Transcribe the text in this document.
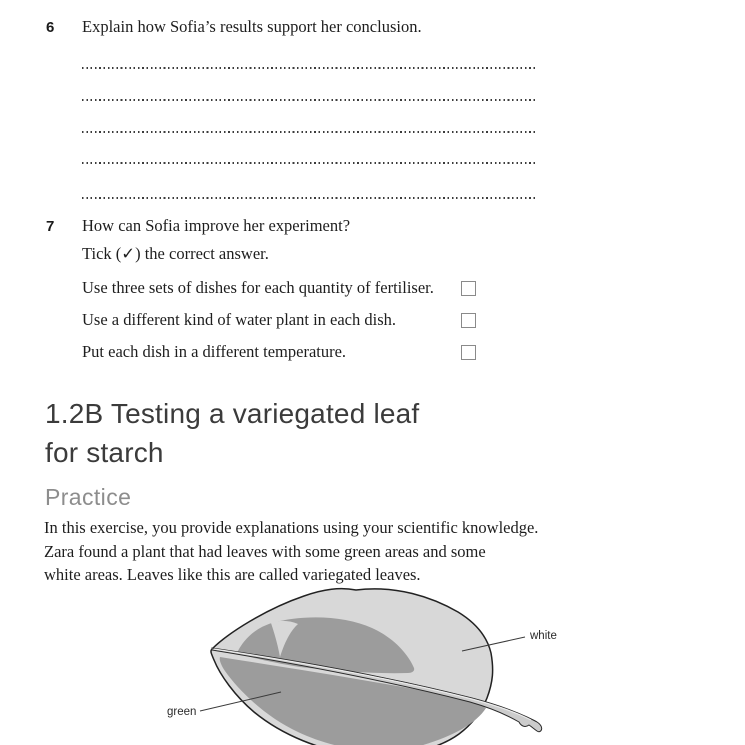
6 Explain how Sofia’s results support her conclusion.
7 How can Sofia improve her experiment?
Tick (✓) the correct answer.
Use three sets of dishes for each quantity of fertiliser.
Use a different kind of water plant in each dish.
Put each dish in a different temperature.
1.2B Testing a variegated leaf
for starch
Practice
In this exercise, you provide explanations using your scientific knowledge.
Zara found a plant that had leaves with some green areas and some
white areas. Leaves like this are called variegated leaves.
white
green
